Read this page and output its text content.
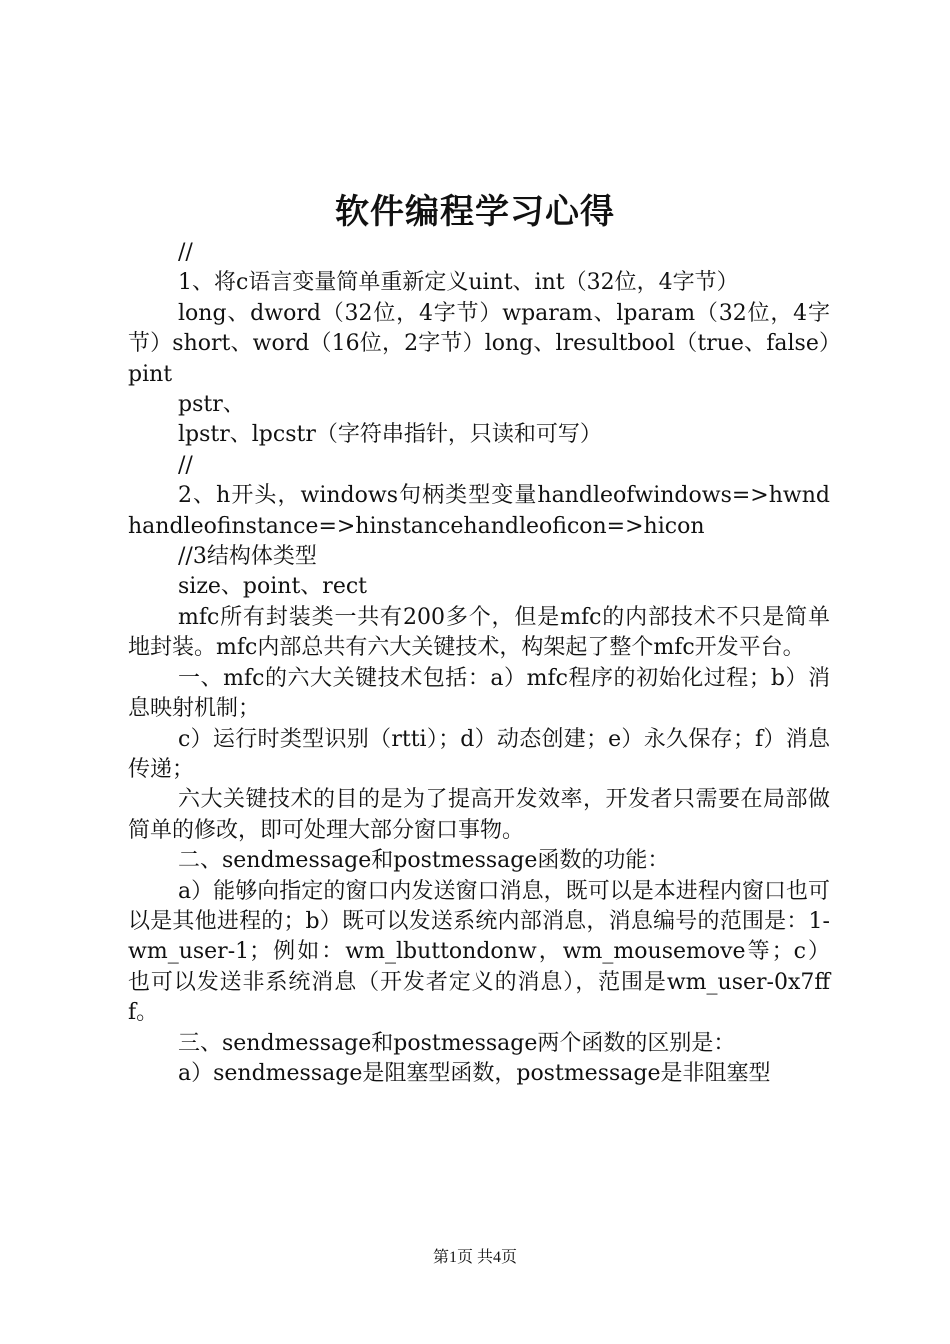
软件编程学习心得

//

1、将c语言变量简单重新定义uint、int（32位，4字节）

long、dword（32位，4字节）wparam、lparam（32位，4字节）short、word（16位，2字节）long、lresultbool（true、false）pint

pstr、

lpstr、lpcstr（字符串指针，只读和可写）

//

2、h开头，windows句柄类型变量handleofwindows=>hwndhandleofinstance=>hinstancehandleoficon=>hicon

//3结构体类型

size、point、rect

mfc所有封装类一共有200多个，但是mfc的内部技术不只是简单地封装。mfc内部总共有六大关键技术，构架起了整个mfc开发平台。

一、mfc的六大关键技术包括：a）mfc程序的初始化过程；b）消息映射机制；

c）运行时类型识别（rtti）；d）动态创建；e）永久保存；f）消息传递；

六大关键技术的目的是为了提高开发效率，开发者只需要在局部做简单的修改，即可处理大部分窗口事物。

二、sendmessage和postmessage函数的功能：

a）能够向指定的窗口内发送窗口消息，既可以是本进程内窗口也可以是其他进程的；b）既可以发送系统内部消息，消息编号的范围是：1-wm_user-1；例如：wm_lbuttondonw，wm_mousemove等；c）也可以发送非系统消息（开发者定义的消息），范围是wm_user-0x7fff。

三、sendmessage和postmessage两个函数的区别是：

a）sendmessage是阻塞型函数，postmessage是非阻塞型

第1页 共4页
